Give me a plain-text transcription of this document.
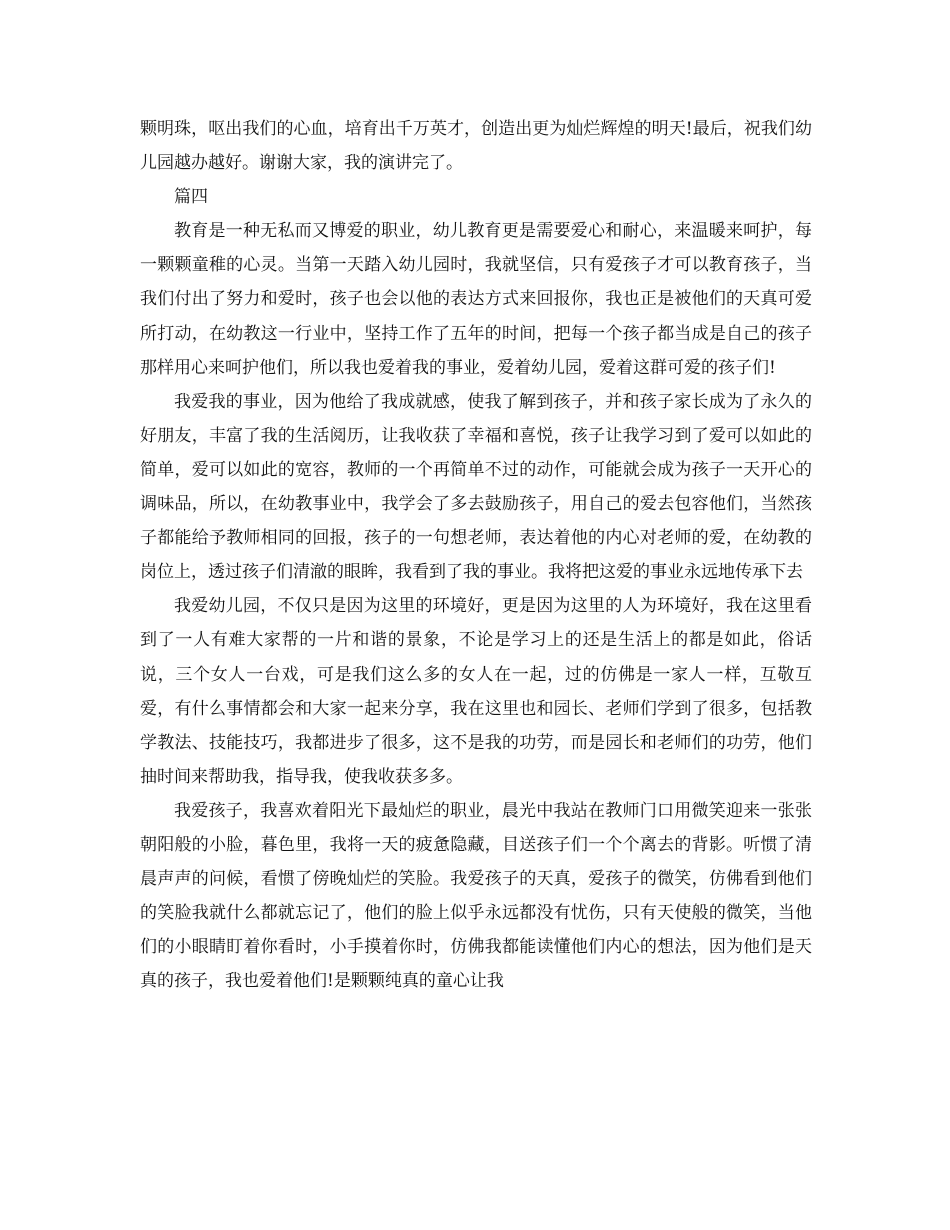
颗明珠，呕出我们的心血，培育出千万英才，创造出更为灿烂辉煌的明天!最后，祝我们幼儿园越办越好。谢谢大家，我的演讲完了。

篇四

教育是一种无私而又博爱的职业，幼儿教育更是需要爱心和耐心，来温暖来呵护，每一颗颗童稚的心灵。当第一天踏入幼儿园时，我就坚信，只有爱孩子才可以教育孩子，当我们付出了努力和爱时，孩子也会以他的表达方式来回报你，我也正是被他们的天真可爱所打动，在幼教这一行业中，坚持工作了五年的时间，把每一个孩子都当成是自己的孩子那样用心来呵护他们，所以我也爱着我的事业，爱着幼儿园，爱着这群可爱的孩子们!

我爱我的事业，因为他给了我成就感，使我了解到孩子，并和孩子家长成为了永久的好朋友，丰富了我的生活阅历，让我收获了幸福和喜悦，孩子让我学习到了爱可以如此的简单，爱可以如此的宽容，教师的一个再简单不过的动作，可能就会成为孩子一天开心的调味品，所以，在幼教事业中，我学会了多去鼓励孩子，用自己的爱去包容他们，当然孩子都能给予教师相同的回报，孩子的一句想老师，表达着他的内心对老师的爱，在幼教的岗位上，透过孩子们清澈的眼眸，我看到了我的事业。我将把这爱的事业永远地传承下去

我爱幼儿园，不仅只是因为这里的环境好，更是因为这里的人为环境好，我在这里看到了一人有难大家帮的一片和谐的景象，不论是学习上的还是生活上的都是如此，俗话说，三个女人一台戏，可是我们这么多的女人在一起，过的仿佛是一家人一样，互敬互爱，有什么事情都会和大家一起来分享，我在这里也和园长、老师们学到了很多，包括教学教法、技能技巧，我都进步了很多，这不是我的功劳，而是园长和老师们的功劳，他们抽时间来帮助我，指导我，使我收获多多。

我爱孩子，我喜欢着阳光下最灿烂的职业，晨光中我站在教师门口用微笑迎来一张张朝阳般的小脸，暮色里，我将一天的疲惫隐藏，目送孩子们一个个离去的背影。听惯了清晨声声的问候，看惯了傍晚灿烂的笑脸。我爱孩子的天真，爱孩子的微笑，仿佛看到他们的笑脸我就什么都就忘记了，他们的脸上似乎永远都没有忧伤，只有天使般的微笑，当他们的小眼睛盯着你看时，小手摸着你时，仿佛我都能读懂他们内心的想法，因为他们是天真的孩子，我也爱着他们!是颗颗纯真的童心让我
